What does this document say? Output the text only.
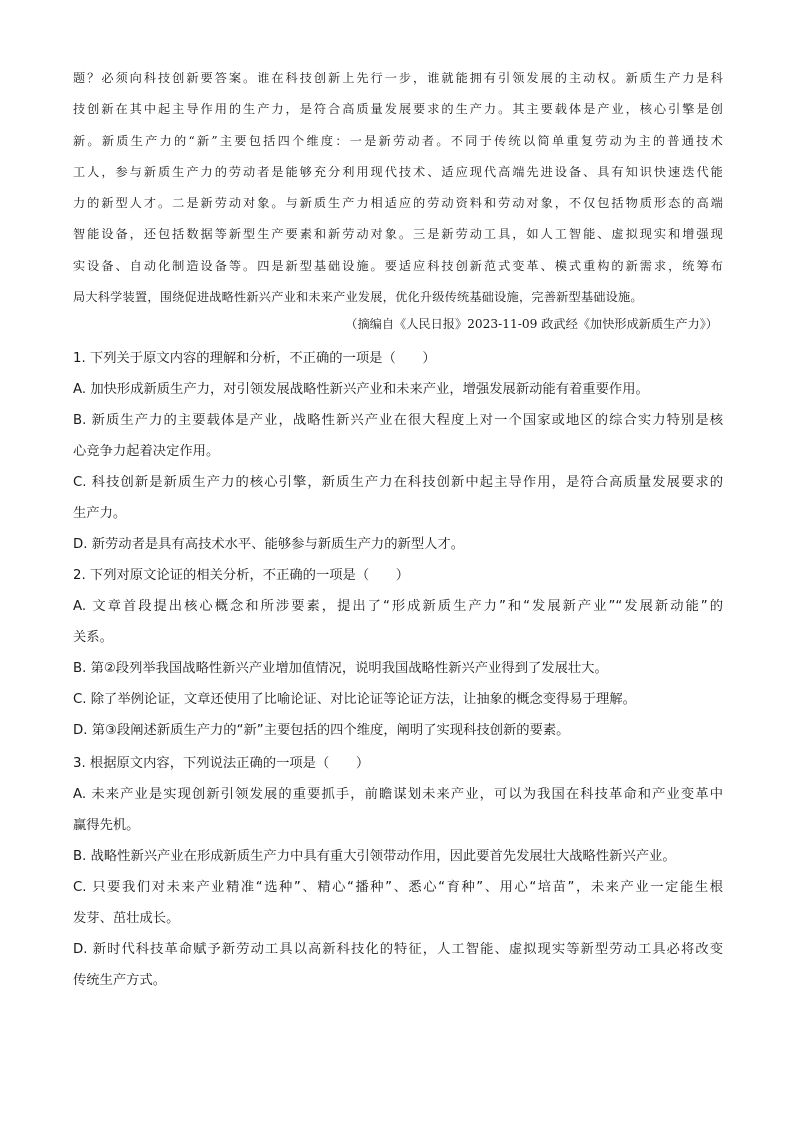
题？必须向科技创新要答案。谁在科技创新上先行一步，谁就能拥有引领发展的主动权。新质生产力是科
技创新在其中起主导作用的生产力，是符合高质量发展要求的生产力。其主要载体是产业，核心引擎是创
新。新质生产力的“新”主要包括四个维度：一是新劳动者。不同于传统以简单重复劳动为主的普通技术
工人，参与新质生产力的劳动者是能够充分利用现代技术、适应现代高端先进设备、具有知识快速迭代能
力的新型人才。二是新劳动对象。与新质生产力相适应的劳动资料和劳动对象，不仅包括物质形态的高端
智能设备，还包括数据等新型生产要素和新劳动对象。三是新劳动工具，如人工智能、虚拟现实和增强现
实设备、自动化制造设备等。四是新型基础设施。要适应科技创新范式变革、模式重构的新需求，统筹布
局大科学装置，围绕促进战略性新兴产业和未来产业发展，优化升级传统基础设施，完善新型基础设施。
（摘编自《人民日报》2023-11-09 政武经《加快形成新质生产力》）
1. 下列关于原文内容的理解和分析，不正确的一项是（　　）
A. 加快形成新质生产力，对引领发展战略性新兴产业和未来产业，增强发展新动能有着重要作用。
B. 新质生产力的主要载体是产业，战略性新兴产业在很大程度上对一个国家或地区的综合实力特别是核
心竞争力起着决定作用。
C. 科技创新是新质生产力的核心引擎，新质生产力在科技创新中起主导作用，是符合高质量发展要求的
生产力。
D. 新劳动者是具有高技术水平、能够参与新质生产力的新型人才。
2. 下列对原文论证的相关分析，不正确的一项是（　　）
A. 文章首段提出核心概念和所涉要素，提出了“形成新质生产力”和“发展新产业”“发展新动能”的
关系。
B. 第②段列举我国战略性新兴产业增加值情况，说明我国战略性新兴产业得到了发展壮大。
C. 除了举例论证，文章还使用了比喻论证、对比论证等论证方法，让抽象的概念变得易于理解。
D. 第③段阐述新质生产力的“新”主要包括的四个维度，阐明了实现科技创新的要素。
3. 根据原文内容，下列说法正确的一项是（　　）
A. 未来产业是实现创新引领发展的重要抓手，前瞻谋划未来产业，可以为我国在科技革命和产业变革中
赢得先机。
B. 战略性新兴产业在形成新质生产力中具有重大引领带动作用，因此要首先发展壮大战略性新兴产业。
C. 只要我们对未来产业精准“选种”、精心“播种”、悉心“育种”、用心“培苗”，未来产业一定能生根
发芽、茁壮成长。
D. 新时代科技革命赋予新劳动工具以高新科技化的特征，人工智能、虚拟现实等新型劳动工具必将改变
传统生产方式。
